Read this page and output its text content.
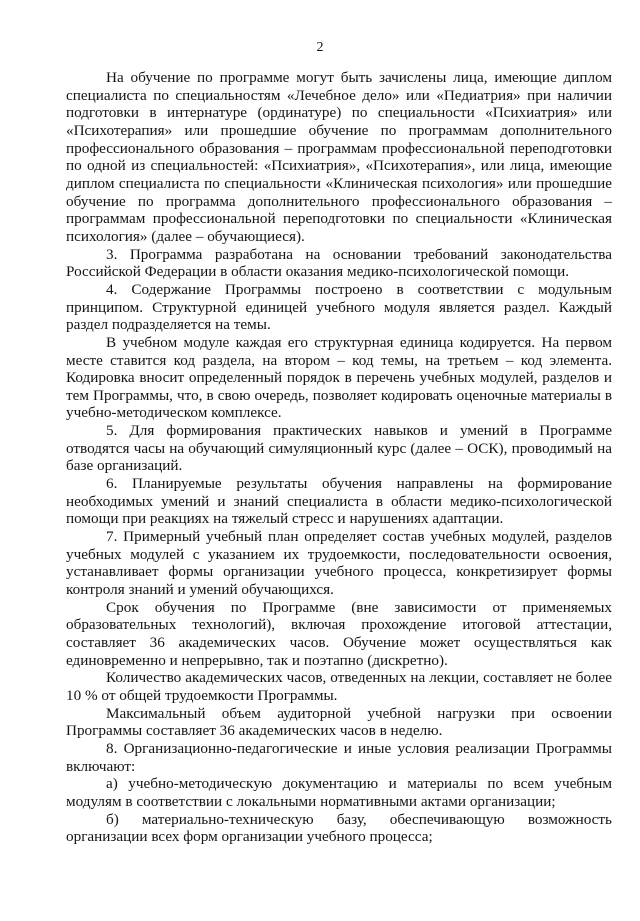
2

На обучение по программе могут быть зачислены лица, имеющие диплом специалиста по специальностям «Лечебное дело» или «Педиатрия» при наличии подготовки в интернатуре (ординатуре) по специальности «Психиатрия» или «Психотерапия» или прошедшие обучение по программам дополнительного профессионального образования – программам профессиональной переподготовки по одной из специальностей: «Психиатрия», «Психотерапия», или лица, имеющие диплом специалиста по специальности «Клиническая психология» или прошедшие обучение по программа дополнительного профессионального образования – программам профессиональной переподготовки по специальности «Клиническая психология» (далее – обучающиеся).

3. Программа разработана на основании требований законодательства Российской Федерации в области оказания медико-психологической помощи.

4. Содержание Программы построено в соответствии с модульным принципом. Структурной единицей учебного модуля является раздел. Каждый раздел подразделяется на темы.

В учебном модуле каждая его структурная единица кодируется. На первом месте ставится код раздела, на втором – код темы, на третьем – код элемента. Кодировка вносит определенный порядок в перечень учебных модулей, разделов и тем Программы, что, в свою очередь, позволяет кодировать оценочные материалы в учебно-методическом комплексе.

5. Для формирования практических навыков и умений в Программе отводятся часы на обучающий симуляционный курс (далее – ОСК), проводимый на базе организаций.

6. Планируемые результаты обучения направлены на формирование необходимых умений и знаний специалиста в области медико-психологической помощи при реакциях на тяжелый стресс и нарушениях адаптации.

7. Примерный учебный план определяет состав учебных модулей, разделов учебных модулей с указанием их трудоемкости, последовательности освоения, устанавливает формы организации учебного процесса, конкретизирует формы контроля знаний и умений обучающихся.

Срок обучения по Программе (вне зависимости от применяемых образовательных технологий), включая прохождение итоговой аттестации, составляет 36 академических часов. Обучение может осуществляться как единовременно и непрерывно, так и поэтапно (дискретно).

Количество академических часов, отведенных на лекции, составляет не более 10 % от общей трудоемкости Программы.

Максимальный объем аудиторной учебной нагрузки при освоении Программы составляет 36 академических часов в неделю.

8. Организационно-педагогические и иные условия реализации Программы включают:

а) учебно-методическую документацию и материалы по всем учебным модулям в соответствии с локальными нормативными актами организации;

б) материально-техническую базу, обеспечивающую возможность организации всех форм организации учебного процесса;
